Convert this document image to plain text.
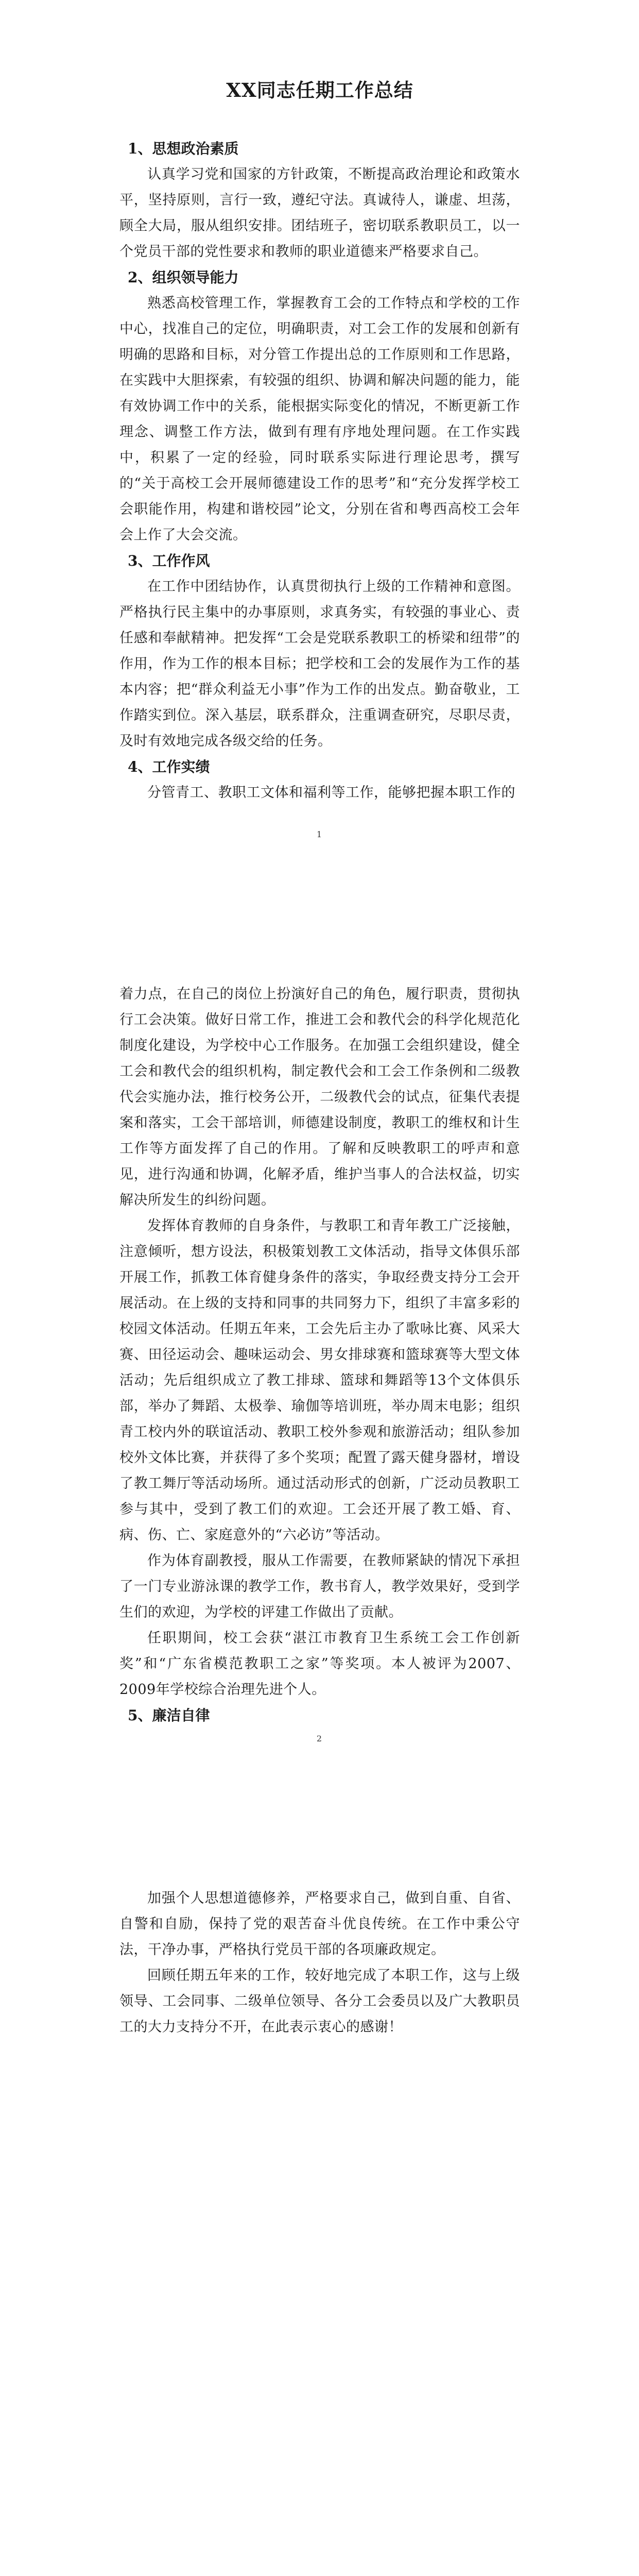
XX同志任期工作总结
1、思想政治素质

认真学习党和国家的方针政策，不断提高政治理论和政策水平，坚持原则，言行一致，遵纪守法。真诚待人，谦虚、坦荡，顾全大局，服从组织安排。团结班子，密切联系教职员工，以一个党员干部的党性要求和教师的职业道德来严格要求自己。

2、组织领导能力

熟悉高校管理工作，掌握教育工会的工作特点和学校的工作中心，找准自己的定位，明确职责，对工会工作的发展和创新有明确的思路和目标，对分管工作提出总的工作原则和工作思路，在实践中大胆探索，有较强的组织、协调和解决问题的能力，能有效协调工作中的关系，能根据实际变化的情况，不断更新工作理念、调整工作方法，做到有理有序地处理问题。在工作实践中，积累了一定的经验，同时联系实际进行理论思考，撰写的“关于高校工会开展师德建设工作的思考”和“充分发挥学校工会职能作用，构建和谐校园”论文，分别在省和粤西高校工会年会上作了大会交流。

3、工作作风

在工作中团结协作，认真贯彻执行上级的工作精神和意图。严格执行民主集中的办事原则，求真务实，有较强的事业心、责任感和奉献精神。把发挥“工会是党联系教职工的桥梁和纽带”的作用，作为工作的根本目标；把学校和工会的发展作为工作的基本内容；把“群众利益无小事”作为工作的出发点。勤奋敬业，工作踏实到位。深入基层，联系群众，注重调查研究，尽职尽责，及时有效地完成各级交给的任务。

4、工作实绩

分管青工、教职工文体和福利等工作，能够把握本职工作的

1

着力点，在自己的岗位上扮演好自己的角色，履行职责，贯彻执行工会决策。做好日常工作，推进工会和教代会的科学化规范化制度化建设，为学校中心工作服务。在加强工会组织建设，健全工会和教代会的组织机构，制定教代会和工会工作条例和二级教代会实施办法，推行校务公开，二级教代会的试点，征集代表提案和落实，工会干部培训，师德建设制度，教职工的维权和计生工作等方面发挥了自己的作用。了解和反映教职工的呼声和意见，进行沟通和协调，化解矛盾，维护当事人的合法权益，切实解决所发生的纠纷问题。

发挥体育教师的自身条件，与教职工和青年教工广泛接触，注意倾听，想方设法，积极策划教工文体活动，指导文体俱乐部开展工作，抓教工体育健身条件的落实，争取经费支持分工会开展活动。在上级的支持和同事的共同努力下，组织了丰富多彩的校园文体活动。任期五年来，工会先后主办了歌咏比赛、风采大赛、田径运动会、趣味运动会、男女排球赛和篮球赛等大型文体活动；先后组织成立了教工排球、篮球和舞蹈等13个文体俱乐部，举办了舞蹈、太极拳、瑜伽等培训班，举办周末电影；组织青工校内外的联谊活动、教职工校外参观和旅游活动；组队参加校外文体比赛，并获得了多个奖项；配置了露天健身器材，增设了教工舞厅等活动场所。通过活动形式的创新，广泛动员教职工参与其中，受到了教工们的欢迎。工会还开展了教工婚、育、病、伤、亡、家庭意外的“六必访”等活动。

作为体育副教授，服从工作需要，在教师紧缺的情况下承担了一门专业游泳课的教学工作，教书育人，教学效果好，受到学生们的欢迎，为学校的评建工作做出了贡献。

任职期间，校工会获“湛江市教育卫生系统工会工作创新奖”和“广东省模范教职工之家”等奖项。本人被评为2007、2009年学校综合治理先进个人。

5、廉洁自律
2

加强个人思想道德修养，严格要求自己，做到自重、自省、自警和自励，保持了党的艰苦奋斗优良传统。在工作中秉公守法，干净办事，严格执行党员干部的各项廉政规定。

回顾任期五年来的工作，较好地完成了本职工作，这与上级领导、工会同事、二级单位领导、各分工会委员以及广大教职员工的大力支持分不开，在此表示衷心的感谢！
